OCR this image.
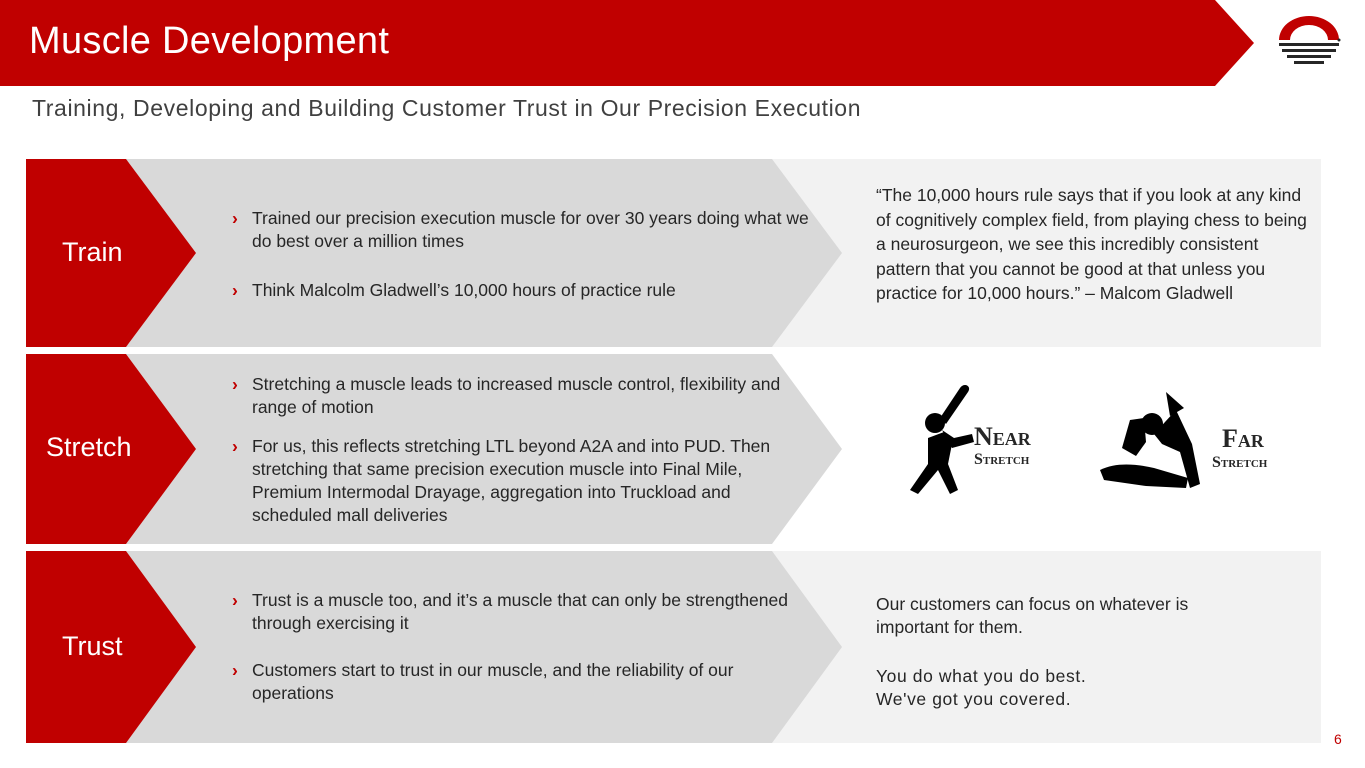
Muscle Development
Training, Developing and Building Customer Trust in Our Precision Execution
Train
› Trained our precision execution muscle for over 30 years doing what we do best over a million times
› Think Malcolm Gladwell’s 10,000 hours of practice rule
“The 10,000 hours rule says that if you look at any kind of cognitively complex field, from playing chess to being a neurosurgeon, we see this incredibly consistent pattern that you cannot be good at that unless you practice for 10,000 hours.” – Malcom Gladwell
Stretch
› Stretching a muscle leads to increased muscle control, flexibility and range of motion
› For us, this reflects stretching LTL beyond A2A and into PUD. Then stretching that same precision execution muscle into Final Mile, Premium Intermodal Drayage, aggregation into Truckload and scheduled mall deliveries
Near
Stretch
Far
Stretch
Trust
› Trust is a muscle too, and it’s a muscle that can only be strengthened through exercising it
› Customers start to trust in our muscle, and the reliability of our operations
Our customers can focus on whatever is important for them.
You do what you do best.
We've got you covered.
6
